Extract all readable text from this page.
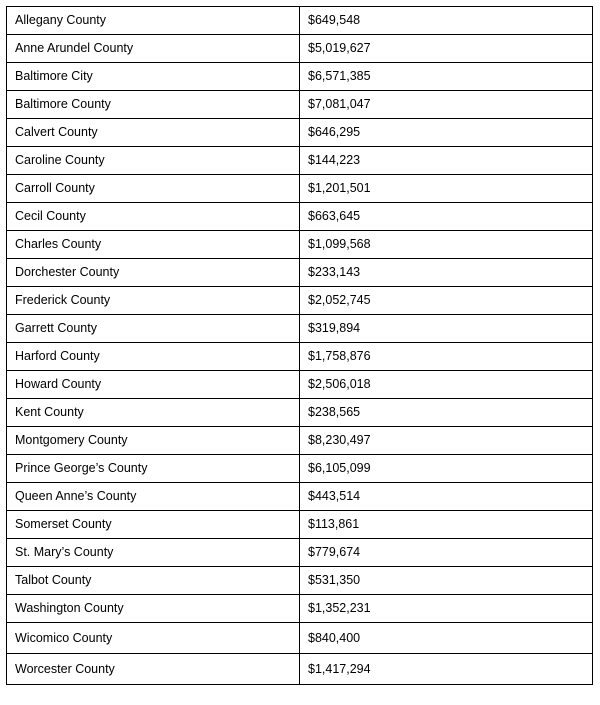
Allegany County	$649,548
Anne Arundel County	$5,019,627
Baltimore City	$6,571,385
Baltimore County	$7,081,047
Calvert County	$646,295
Caroline County	$144,223
Carroll County	$1,201,501
Cecil County	$663,645
Charles County	$1,099,568
Dorchester County	$233,143
Frederick County	$2,052,745
Garrett County	$319,894
Harford County	$1,758,876
Howard County	$2,506,018
Kent County	$238,565
Montgomery County	$8,230,497
Prince George’s County	$6,105,099
Queen Anne’s County	$443,514
Somerset County	$113,861
St. Mary’s County	$779,674
Talbot County	$531,350
Washington County	$1,352,231
Wicomico County	$840,400
Worcester County	$1,417,294
